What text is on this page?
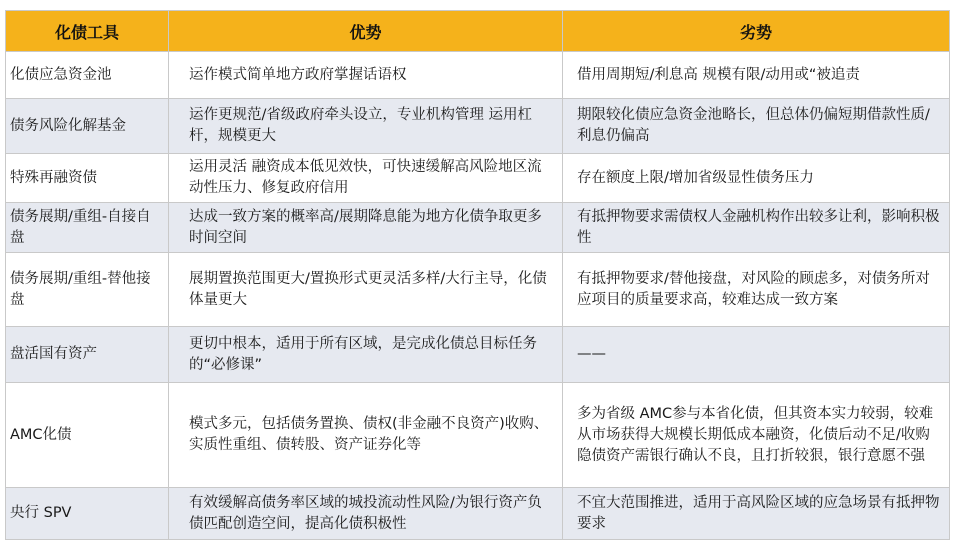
化债工具	优势	劣势
化债应急资金池	运作模式简单地方政府掌握话语权	借用周期短/利息高 规模有限/动用或“被追责
债务风险化解基金	运作更规范/省级政府牵头设立，专业机构管理 运用杠杆，规模更大	期限较化债应急资金池略长，但总体仍偏短期借款性质/利息仍偏高
特殊再融资债	运用灵活 融资成本低见效快，可快速缓解高风险地区流动性压力、修复政府信用	存在额度上限/增加省级显性债务压力
债务展期/重组-自接自盘	达成一致方案的概率高/展期降息能为地方化债争取更多时间空间	有抵押物要求需债权人金融机构作出较多让利，影响积极性
债务展期/重组-替他接盘	展期置换范围更大/置换形式更灵活多样/大行主导，化债体量更大	有抵押物要求/替他接盘，对风险的顾虑多，对债务所对应项目的质量要求高，较难达成一致方案
盘活国有资产	更切中根本，适用于所有区域，是完成化债总目标任务的“必修课”	——
AMC化债	模式多元，包括债务置换、债权(非金融不良资产)收购、实质性重组、债转股、资产证券化等	多为省级 AMC参与本省化债，但其资本实力较弱，较难从市场获得大规模长期低成本融资，化债后动不足/收购隐债资产需银行确认不良，且打折较狠，银行意愿不强
央行 SPV	有效缓解高债务率区域的城投流动性风险/为银行资产负债匹配创造空间，提高化债积极性	不宜大范围推进，适用于高风险区域的应急场景有抵押物要求
